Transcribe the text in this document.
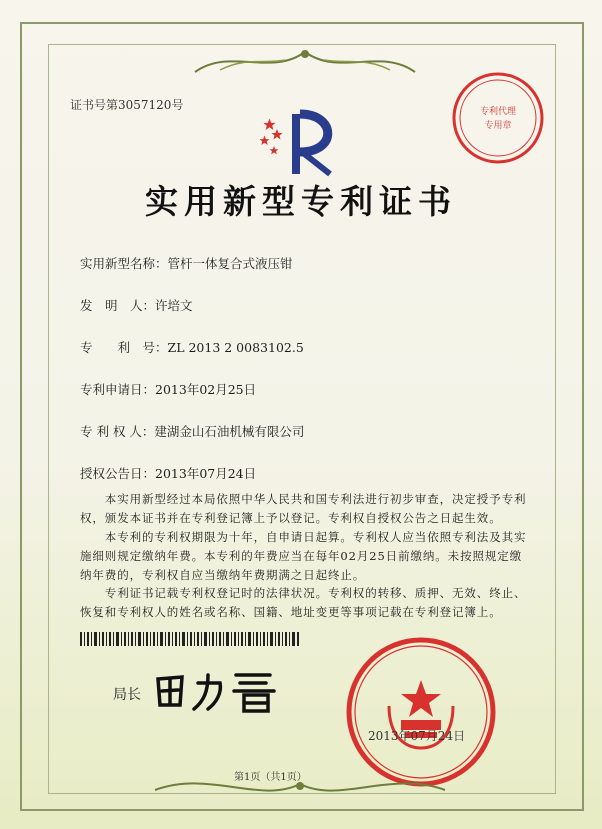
证书号第3057120号	专利代理
专用章
实用新型专利证书
实用新型名称：管杆一体复合式液压钳
发　明　人：许培文
专　　利　号：ZL 2013 2 0083102.5
专利申请日：2013年02月25日
专 利 权 人：建湖金山石油机械有限公司
授权公告日：2013年07月24日
　　本实用新型经过本局依照中华人民共和国专利法进行初步审查，决定授予专利权，颁发本证书并在专利登记簿上予以登记。专利权自授权公告之日起生效。
　　本专利的专利权期限为十年，自申请日起算。专利权人应当依照专利法及其实施细则规定缴纳年费。本专利的年费应当在每年02月25日前缴纳。未按照规定缴纳年费的，专利权自应当缴纳年费期满之日起终止。
　　专利证书记载专利权登记时的法律状况。专利权的转移、质押、无效、终止、恢复和专利权人的姓名或名称、国籍、地址变更等事项记载在专利登记簿上。
局长
2013年07月24日
第1页（共1页）
